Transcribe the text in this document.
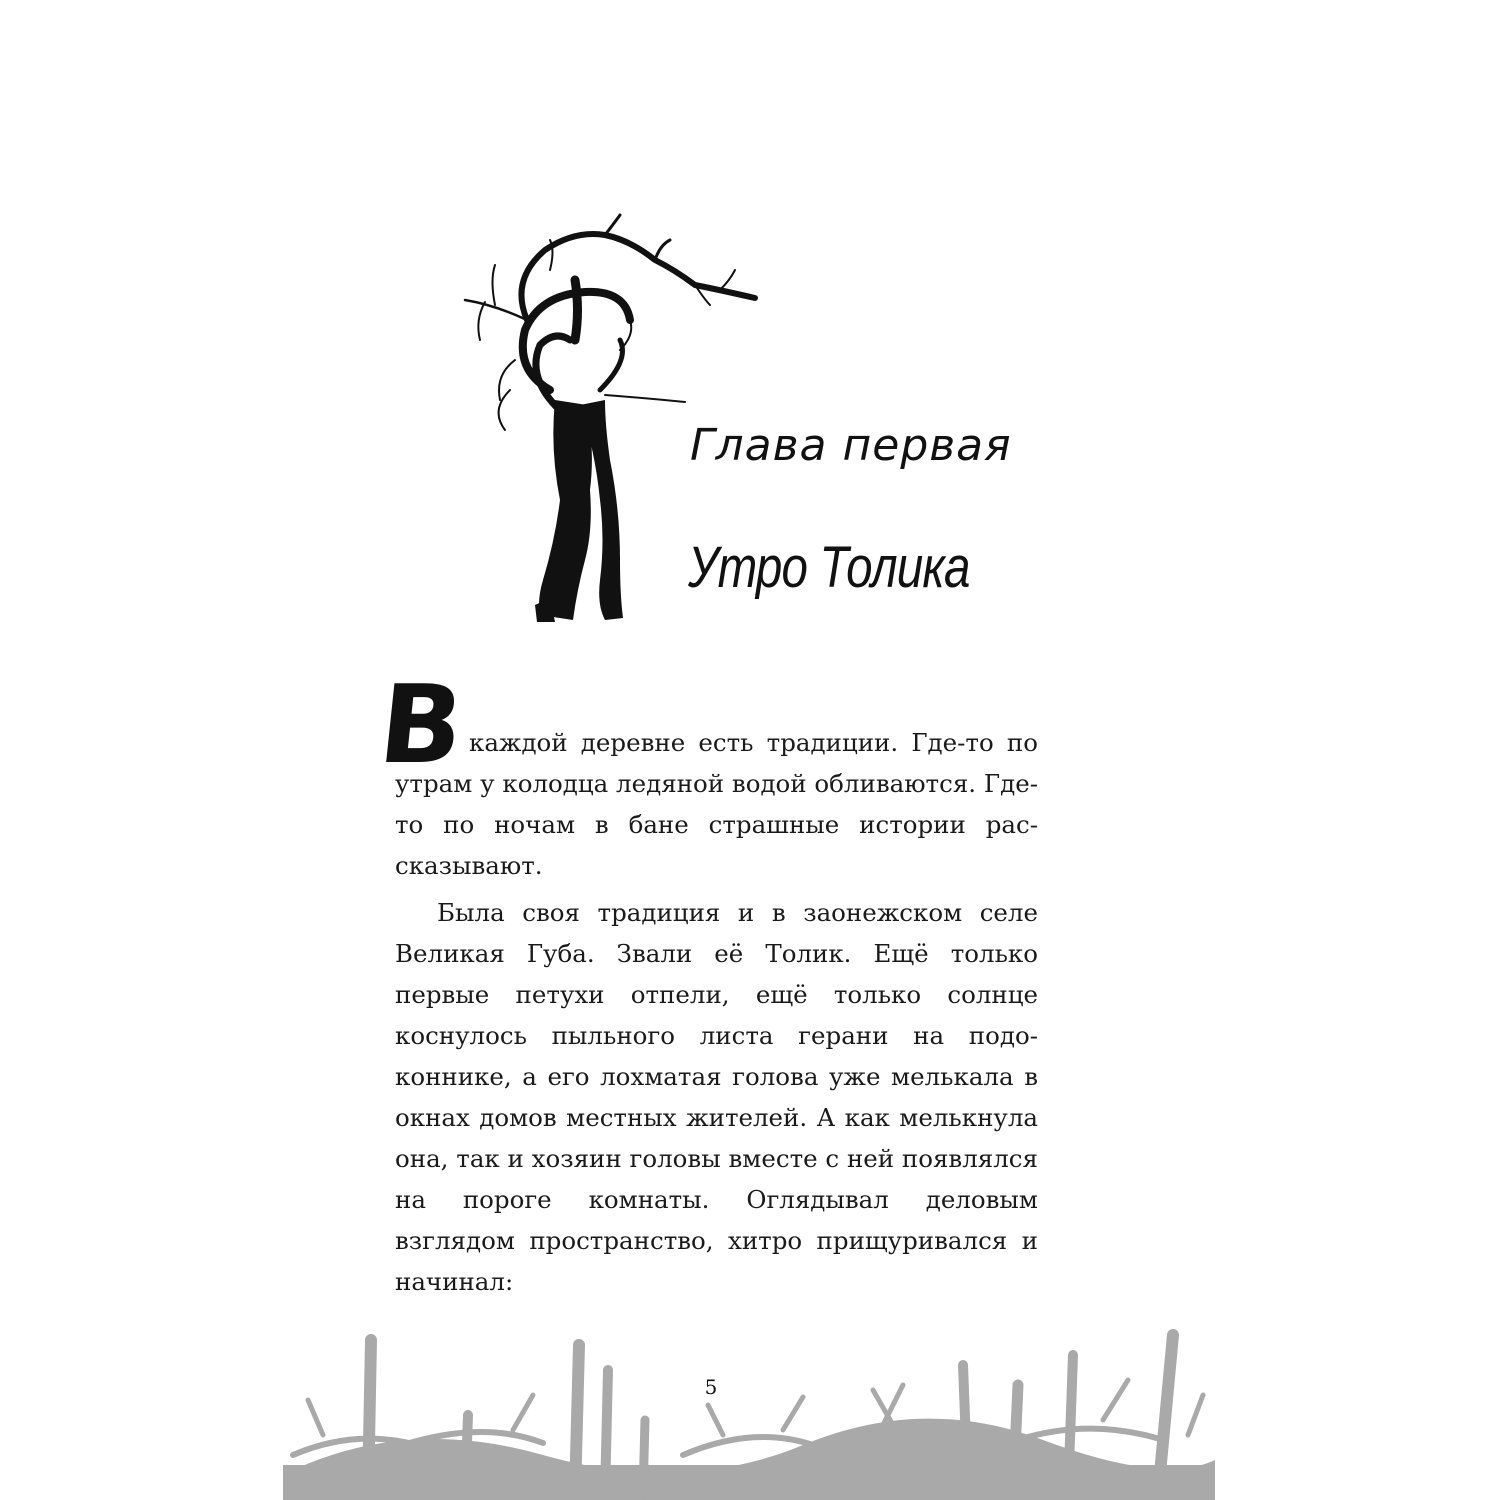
Глава первая
Утро Толика
В каждой деревне есть традиции. Где-то по утрам у колодца ледяной водой обливаются. Где-то по ночам в бане страшные истории рассказывают.

Была своя традиция и в заонежском селе Великая Губа. Звали её Толик. Ещё только первые петухи отпели, ещё только солнце коснулось пыльного листа герани на подоконнике, а его лохматая голова уже мелькала в окнах домов местных жителей. А как мелькнула она, так и хозяин головы вместе с ней появлялся на пороге комнаты. Оглядывал деловым взглядом пространство, хитро прищуривался и начинал:

5
